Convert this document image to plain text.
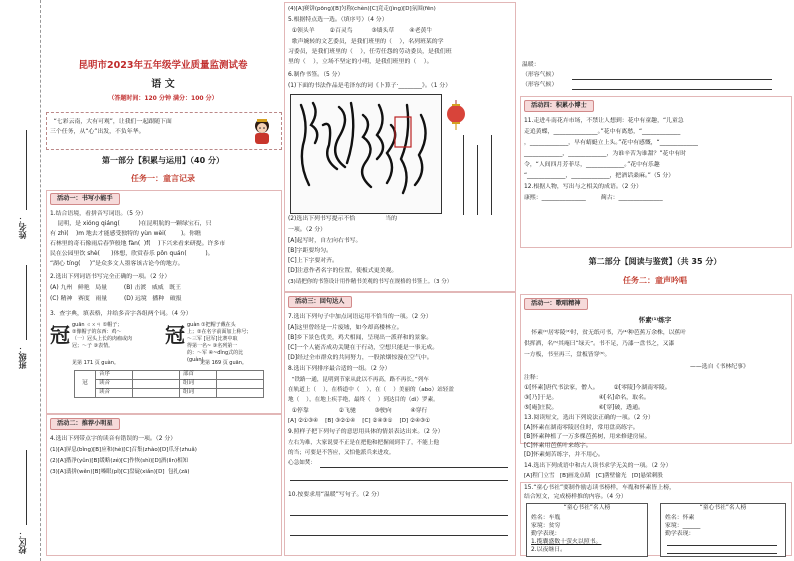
姓名：
班级：
校区：
昆明市2023年五年级学业质量监测试卷
语 文
（答题时间：120 分钟 满分：100 分）
“七彩云南，大有可观”，让我们一起跟随下面
三个任务，从“心”出发，不负年华。
第一部分【积累与运用】（40 分）
任务一：童言记录
活动一：书写小能手
1.结合语境，看拼音写词语。（5 分）
昆明，是 xióng qiáng(          )在昆明肮的一颗绿宝石，只
有 zhì(    )m 地去才能感受独特的 yùn wèi(        )。你瞧
石林里的奇石像雨后春笋般地 fàn(  )f(    )下兴来看来研提。许多市
民在公园里饮 shè(      )体想，欣赏春乐 pǒn quán(          )。
“湖心 tíng(     )”是众多文人墨客该古论今的地方。
2.选出下列词语书写完全正确的一项。（2 分）
(A) 九州   鲜艳   局量         (B) 击渡   威威   既王
(C) 精神   赛度   雨量         (D) 远境   播种   破报
3.  查字典，填表格，并给多音字各组两个词。（4 分）
冠 guān ㄍㄨㄢ ①帽子；
②像帽子的东西：鸡～
（一）冠头上长的肉瘤或肉
冠；～子 ③表情。
见第 171 页 guàn。
冠 guàn ①把帽子戴在头
上；②在名字前面加上称号；
～三军 [冠军]比赛中取
得第一名~ ③名列第一
的：～军 ④~dǐng式的比
(guàn)。
见第 169 页 guān。
冠	音序		部首	
	读音		组词	
	读音		组词	
活动二：推荐小明星
4.选出下列带点字的读音有错误的一项。（2 分）
(1)[A]屏息(bǐng)[B]应和(hè)[C]召集(zhào)[D]爪牙(zhuǎ)
(2)[A]揩净(yǔn)[B]缓略(zé)[C]作恢(shì)[D]酒(lìn)相知
(3)[A]翡拼(wěn)[B]嗓眼(pǐ)[C]盘碇(xiǎn)[D]  包扎(zā)
(4)[A]赛饼(pōng)[B]匀称(chèn)[C]竞走(jìng)[D]氛围(fēn)
5.根据特点选一选。（填序号）（4 分）
①领头羊        ②百灵鸟          ③墙头草        ④老黄牛
歌声婉转的文艺委员，是我们班里的（    ），名列班某的学
习委员，是我们班里的（    ），任劳任怨的劳动委员，是我们班
里的（    ），立场不坚定的小明，是我们班里的（    ）。
6.制作书签。（5 分）
(1)下面的书法作品是毛泽东的词《卜算子·________》。（1 分）
(2)选出下列书写提示不恰                当的
一项。（2 分）
[A]起写时，自左向右书写。
[B]字距要均匀。
[C]上下字要对齐。
[D]注意作者名字的位置，使板式更美观。
(3)请把你的书签设计用作精书美观的书写在规格的书签上。（3 分）
活动三：回句达人
7.选出下列句子中加点词语运用不恰当的一项。（2 分）
[A]这里曾经是一片废墟，如今却高楼林立。
[B]乡下景色优美，鸡犬相闻，呈现出一派祥和的景象。
[C]一个人能否成功关键在于行动，空想只能是一事无成。
[D]经过全市群众的共同努力，一股浓烟惊漫在空气中。
8.选出下列排序最合适的一组。（2 分）
“铁路一通，昆明到节家从此以不再高，路不再长。”列车
在轨道上（    ），在桥道中（    ），在（    ）美丽的（abo）站轻盈
地（    ），在地上疾手绝，最终（    ）到达目的（dì）罗素。
①停靠                ②飞驰          ③驶向          ④穿行
[A] ②①③④    [B] ③②①④    [C] ②④③①    [D] ②④③①
9.照样子把下列句子的意思用具体的情景表达出来。（2 分）
左右为难，大家说要不正是在把他和把握闹到手了，不能上他
的当；可要是不答应，又怕他派兵来进攻。
心急如焚：
10.按要求用“温暖”写句子。（2 分）
温暖：
（形容气候）
（形容气候）
活动四：积累小博士
11.走进斗南花卉市场，不禁让人想到：花中有童趣，“儿童急
走追黄蝶，_______________。”花中有离愁，“_____________
，_____________，早有蜻蜓立上头。”花中有感慨，“_____________
_____________，_____________，为谁辛苦为谁甜？”花中有时
令，“人间四月芳菲尽，_____________。”花中有乐趣
“_____________，_____________，把酒话桑麻。”（5 分）
12.根据人物，写出与之相关的成语。（2 分）
康熙：_______________        蔺古：_______________
第二部分【阅读与鉴赏】（共 35 分）
任务二：童声吟唱
活动一：歌唱精神
怀素⁽¹⁾练字
怀素⁽²⁾居零陵⁽³⁾时，贫无纸可书，乃⁽⁴⁾种芭蕉万余株，以蕉叶
供挥洒，名⁽⁵⁾其庵曰“绿天”。书不足，乃漆一盘书之，又漆
一方板，书至再三，盘板皆穿⁽⁶⁾。
——选自《书林纪事》
注释：
①[怀素]唐代书法家，僧人。        ②[零陵]今湖南零陵。
③[乃]于是。                      ④[名]命名，取名。
⑤[庵]庄院。                      ⑥[穿]破，透通。
13.阅读短文，选出下列说法正确的一项。（2 分）
[A]怀素在湖南零陵居住时，常用盘高练字。
[B]怀素种植了一万多棵芭蕉树，用来修建房屋。
[C]怀素用芭蕉叶来练字。
[D]怀素刻苦练字，并不用心。
14.选出下列成语中和古人读书求学无关的一项。（2 分）
[A]程门立雪   [B]画龙点睛   [C]凿壁偷光   [D]悬梁刺股
15.“童心书社”要制作励志读书榜样，车胤和怀素皆上榜，
结合短文，完成榜样推的内容。（4 分）
“童心书社”名人榜
姓名：车胤
家境：贫穷
勤学表现：
1.揽囊盛数十萤火以照书。
2.以夜继日。
“童心书社”名人榜
姓名：怀素
家境：______
勤学表现：
